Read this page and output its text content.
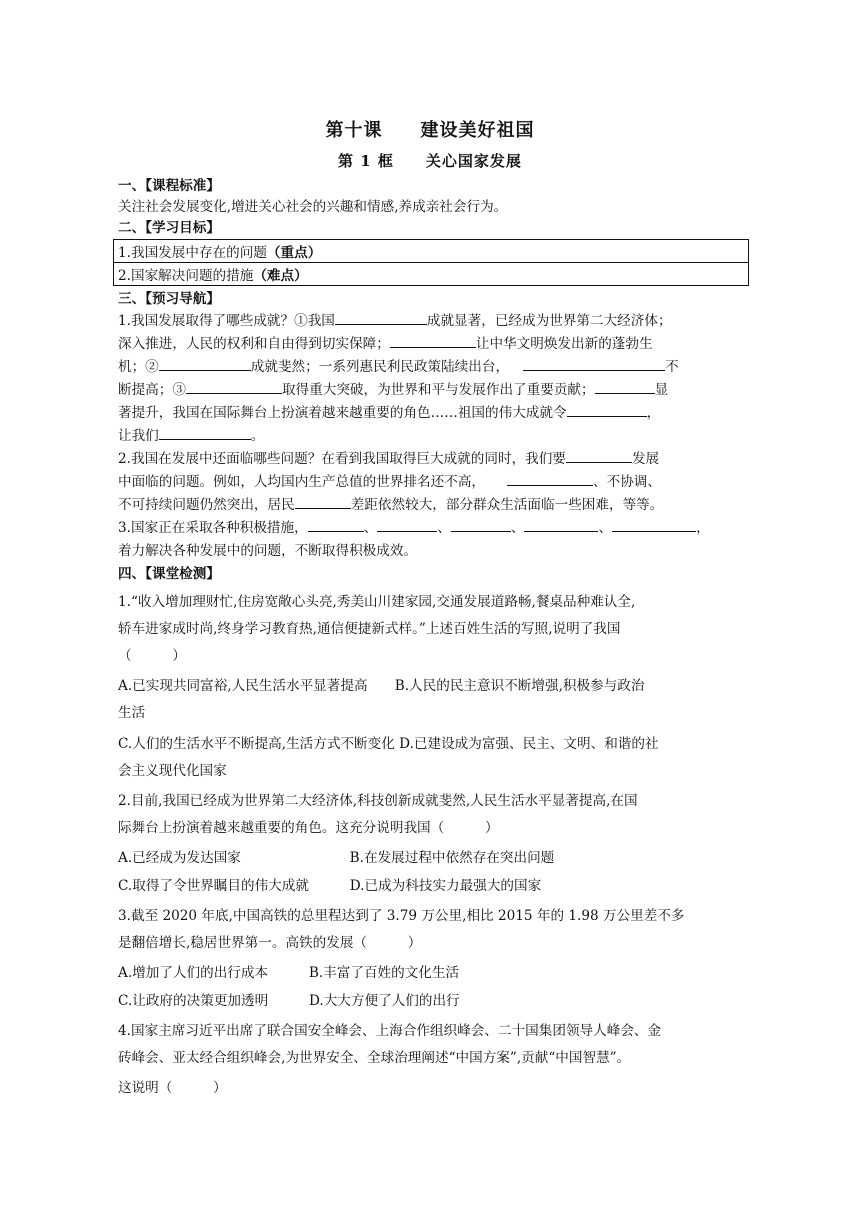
第十课　　建设美好祖国
第 1 框　　关心国家发展
一、【课程标准】
关注社会发展变化,增进关心社会的兴趣和情感,养成亲社会行为。
二、【学习目标】
1.我国发展中存在的问题（重点）
2.国家解决问题的措施（难点）
三、【预习导航】
1.我国发展取得了哪些成就？①我国	成就显著，已经成为世界第二大经济体；
深入推进，人民的权利和自由得到切实保障；	让中华文明焕发出新的蓬勃生
机；②	成就斐然；一系列惠民利民政策陆续出台，	不
断提高；③	取得重大突破，为世界和平与发展作出了重要贡献；	显
著提升，我国在国际舞台上扮演着越来越重要的角色……祖国的伟大成就令	，
让我们	。
2.我国在发展中还面临哪些问题？在看到我国取得巨大成就的同时，我们要	发展
中面临的问题。例如，人均国内生产总值的世界排名还不高，	、不协调、
不可持续问题仍然突出，居民	差距依然较大，部分群众生活面临一些困难，等等。
3.国家正在采取各种积极措施，	、	、	、	、	，
着力解决各种发展中的问题，不断取得积极成效。
四、【课堂检测】
1.“收入增加理财忙,住房宽敞心头亮,秀美山川建家园,交通发展道路畅,餐桌品种难认全,
轿车进家成时尚,终身学习教育热,通信便捷新式样。”上述百姓生活的写照,说明了我国
（　　　）
A.已实现共同富裕,人民生活水平显著提高　　B.人民的民主意识不断增强,积极参与政治
生活
C.人们的生活水平不断提高,生活方式不断变化 D.已建设成为富强、民主、文明、和谐的社
会主义现代化国家
2.目前,我国已经成为世界第二大经济体,科技创新成就斐然,人民生活水平显著提高,在国
际舞台上扮演着越来越重要的角色。这充分说明我国（　　　）
A.已经成为发达国家　　　　　　　　B.在发展过程中依然存在突出问题
C.取得了令世界瞩目的伟大成就　　　D.已成为科技实力最强大的国家
3.截至 2020 年底,中国高铁的总里程达到了 3.79 万公里,相比 2015 年的 1.98 万公里差不多
是翻倍增长,稳居世界第一。高铁的发展（　　　）
A.增加了人们的出行成本　　　B.丰富了百姓的文化生活
C.让政府的决策更加透明　　　D.大大方便了人们的出行
4.国家主席习近平出席了联合国安全峰会、上海合作组织峰会、二十国集团领导人峰会、金
砖峰会、亚太经合组织峰会,为世界安全、全球治理阐述“中国方案”,贡献“中国智慧”。
这说明（　　　）
